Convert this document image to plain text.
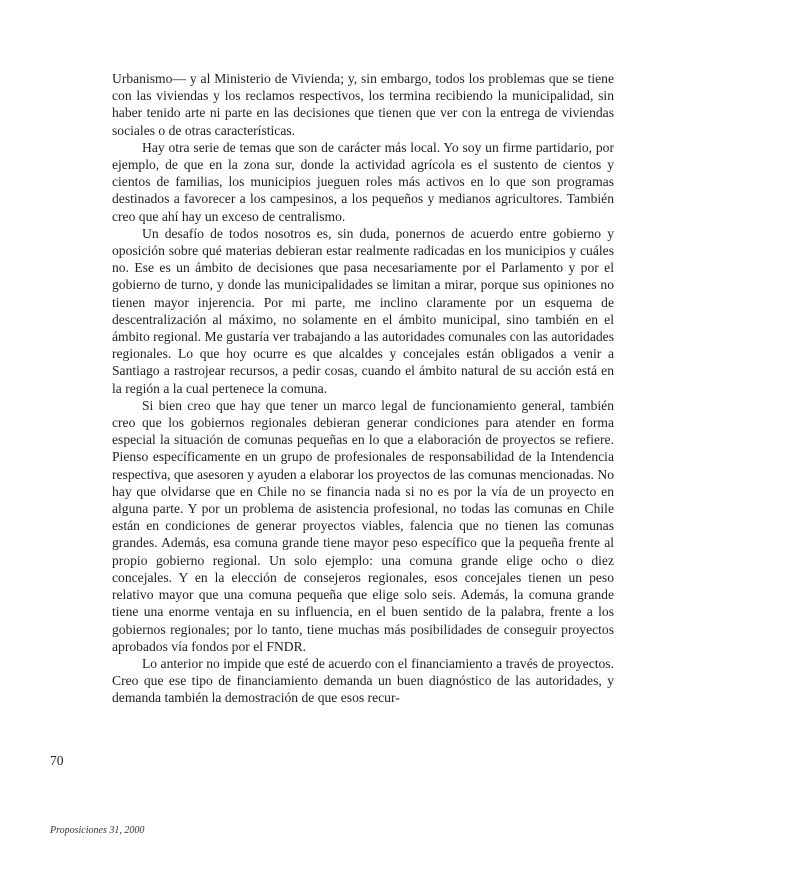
Urbanismo— y al Ministerio de Vivienda; y, sin embargo, todos los problemas que se tiene con las viviendas y los reclamos respectivos, los termina recibiendo la municipalidad, sin haber tenido arte ni parte en las decisiones que tienen que ver con la entrega de viviendas sociales o de otras características.

Hay otra serie de temas que son de carácter más local. Yo soy un firme partidario, por ejemplo, de que en la zona sur, donde la actividad agrícola es el sustento de cientos y cientos de familias, los municipios jueguen roles más activos en lo que son programas destinados a favorecer a los campesinos, a los pequeños y medianos agricultores. También creo que ahí hay un exceso de centralismo.

Un desafío de todos nosotros es, sin duda, ponernos de acuerdo entre gobierno y oposición sobre qué materias debieran estar realmente radicadas en los municipios y cuáles no. Ese es un ámbito de decisiones que pasa necesariamente por el Parlamento y por el gobierno de turno, y donde las municipalidades se limitan a mirar, porque sus opiniones no tienen mayor injerencia. Por mi parte, me inclino claramente por un esquema de descentralización al máximo, no solamente en el ámbito municipal, sino también en el ámbito regional. Me gustaría ver trabajando a las autoridades comunales con las autoridades regionales. Lo que hoy ocurre es que alcaldes y concejales están obligados a venir a Santiago a rastrojear recursos, a pedir cosas, cuando el ámbito natural de su acción está en la región a la cual pertenece la comuna.

Si bien creo que hay que tener un marco legal de funcionamiento general, también creo que los gobiernos regionales debieran generar condiciones para atender en forma especial la situación de comunas pequeñas en lo que a elaboración de proyectos se refiere. Pienso específicamente en un grupo de profesionales de responsabilidad de la Intendencia respectiva, que asesoren y ayuden a elaborar los proyectos de las comunas mencionadas. No hay que olvidarse que en Chile no se financia nada si no es por la vía de un proyecto en alguna parte. Y por un problema de asistencia profesional, no todas las comunas en Chile están en condiciones de generar proyectos viables, falencia que no tienen las comunas grandes. Además, esa comuna grande tiene mayor peso específico que la pequeña frente al propio gobierno regional. Un solo ejemplo: una comuna grande elige ocho o diez concejales. Y en la elección de consejeros regionales, esos concejales tienen un peso relativo mayor que una comuna pequeña que elige solo seis. Además, la comuna grande tiene una enorme ventaja en su influencia, en el buen sentido de la palabra, frente a los gobiernos regionales; por lo tanto, tiene muchas más posibilidades de conseguir proyectos aprobados vía fondos por el FNDR.

Lo anterior no impide que esté de acuerdo con el financiamiento a través de proyectos. Creo que ese tipo de financiamiento demanda un buen diagnóstico de las autoridades, y demanda también la demostración de que esos recur-

70
Proposiciones 31, 2000
